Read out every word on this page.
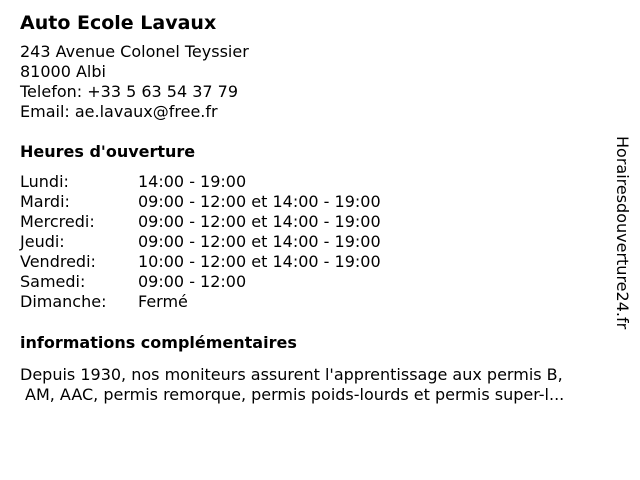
Auto Ecole Lavaux
243 Avenue Colonel Teyssier
81000 Albi
Telefon: +33 5 63 54 37 79
Email: ae.lavaux@free.fr
Heures d'ouverture
Lundi:	14:00 - 19:00
Mardi:	09:00 - 12:00 et 14:00 - 19:00
Mercredi:	09:00 - 12:00 et 14:00 - 19:00
Jeudi:	09:00 - 12:00 et 14:00 - 19:00
Vendredi:	10:00 - 12:00 et 14:00 - 19:00
Samedi:	09:00 - 12:00
Dimanche:	Fermé
informations complémentaires
Depuis 1930, nos moniteurs assurent l'apprentissage aux permis B,
AM, AAC, permis remorque, permis poids-lourds et permis super-l...
Horairesdouverture24.fr
